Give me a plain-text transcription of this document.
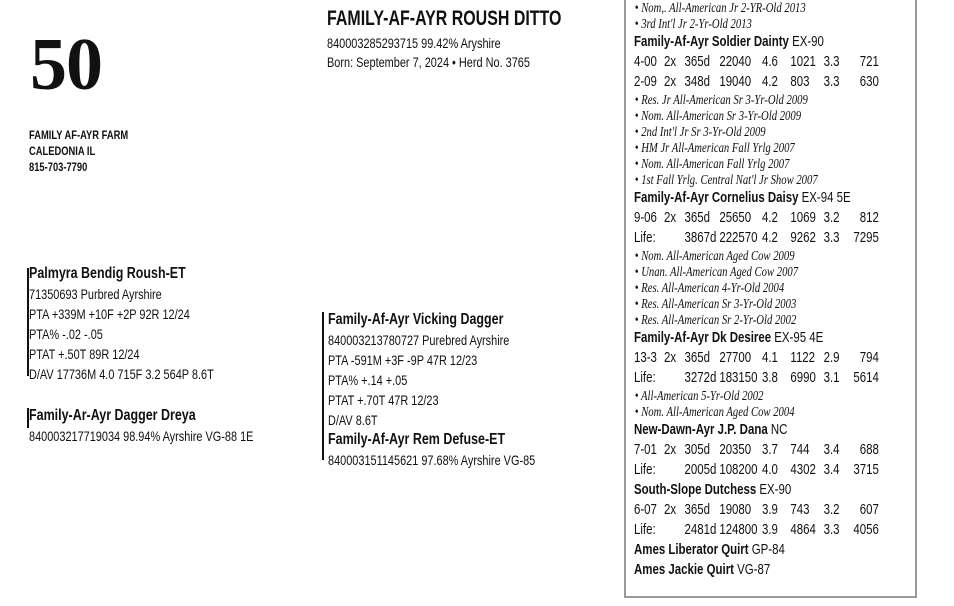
50
FAMILY AF-AYR FARM
CALEDONIA IL
815-703-7790
FAMILY-AF-AYR ROUSH DITTO
840003285293715 99.42% Aryshire
Born: September 7, 2024 • Herd No. 3765
Palmyra Bendig Roush-ET
71350693 Purbred Ayrshire
PTA +339M +10F +2P 92R 12/24
PTA% -.02 -.05
PTAT +.50T 89R 12/24
D/AV 17736M 4.0 715F 3.2 564P 8.6T
Family-Ar-Ayr Dagger Dreya
840003217719034 98.94% Ayrshire VG-88 1E
Family-Af-Ayr Vicking Dagger
840003213780727 Purebred Ayrshire
PTA -591M +3F -9P 47R 12/23
PTA% +.14 +.05
PTAT +.70T 47R 12/23
D/AV 8.6T
Family-Af-Ayr Rem Defuse-ET
840003151145621 97.68% Ayrshire VG-85
• Nom,. All-American Jr 2-YR-Old 2013
• 3rd Int'l Jr 2-Yr-Old 2013
Family-Af-Ayr Soldier Dainty EX-90
4-00 2x 365d 22040 4.6 1021 3.3	721
2-09 2x 348d 19040 4.2 803 3.3	630
• Res. Jr All-American Sr 3-Yr-Old 2009
• Nom. All-American Sr 3-Yr-Old 2009
• 2nd Int'l Jr Sr 3-Yr-Old 2009
• HM Jr All-American Fall Yrlg 2007
• Nom. All-American Fall Yrlg 2007
• 1st Fall Yrlg. Central Nat'l Jr Show 2007
Family-Af-Ayr Cornelius Daisy EX-94 5E
9-06 2x 365d 25650 4.2 1069 3.2	812
Life:	3867d 222570 4.2 9262 3.3 7295
• Nom. All-American Aged Cow 2009
• Unan. All-American Aged Cow 2007
• Res. All-American 4-Yr-Old 2004
• Res. All-American Sr 3-Yr-Old 2003
• Res. All-American Sr 2-Yr-Old 2002
Family-Af-Ayr Dk Desiree EX-95 4E
13-3 2x 365d 27700 4.1 1122 2.9	794
Life:	3272d 183150 3.8 6990 3.1 5614
• All-American 5-Yr-Old 2002
• Nom. All-American Aged Cow 2004
New-Dawn-Ayr J.P. Dana NC
7-01 2x 305d 20350 3.7 744 3.4	688
Life:	2005d 108200 4.0 4302 3.4 3715
South-Slope Dutchess EX-90
6-07 2x 365d 19080 3.9 743 3.2	607
Life:	2481d 124800 3.9 4864 3.3 4056
Ames Liberator Quirt GP-84
Ames Jackie Quirt VG-87
